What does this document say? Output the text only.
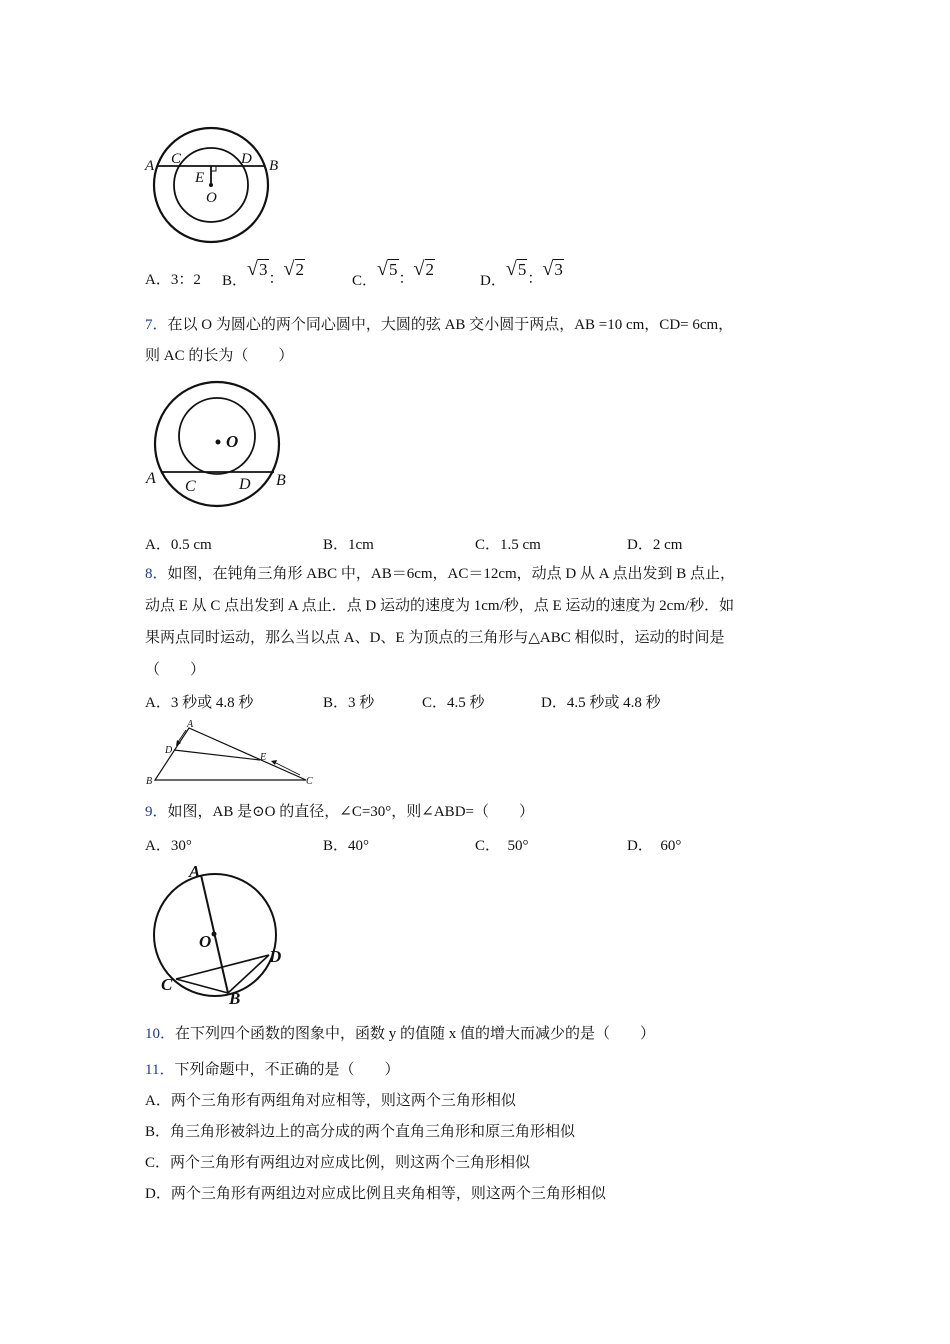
A C	D B
E
O
A．3：2 B．√3：√2
C．√5：√2
D．√5：√3
7．在以 O 为圆心的两个同心圆中，大圆的弦 AB 交小圆于两点，AB =10 cm，CD= 6cm，
则 AC 的长为（　　）
O
A C	D B
A．0.5 cm	B．1cm	C．1.5 cm	D．2 cm
8．如图，在钝角三角形 ABC 中，AB＝6cm，AC＝12cm，动点 D 从 A 点出发到 B 点止，
动点 E 从 C 点出发到 A 点止．点 D 运动的速度为 1cm/秒，点 E 运动的速度为 2cm/秒．如
果两点同时运动，那么当以点 A、D、E 为顶点的三角形与△ABC 相似时，运动的时间是
（　　）
A．3 秒或 4.8 秒	B．3 秒	C．4.5 秒	D．4.5 秒或 4.8 秒
A
D
E
B	C
9．如图，AB 是⊙O 的直径，∠C=30°，则∠ABD=（　　）
A．30°	B．40°	C．　50°	D．　60°
A
O
D
C
B
10．在下列四个函数的图象中，函数 y 的值随 x 值的增大而减少的是（　　）
11．下列命题中，不正确的是（　　）
A．两个三角形有两组角对应相等，则这两个三角形相似
B．角三角形被斜边上的高分成的两个直角三角形和原三角形相似
C．两个三角形有两组边对应成比例，则这两个三角形相似
D．两个三角形有两组边对应成比例且夹角相等，则这两个三角形相似
